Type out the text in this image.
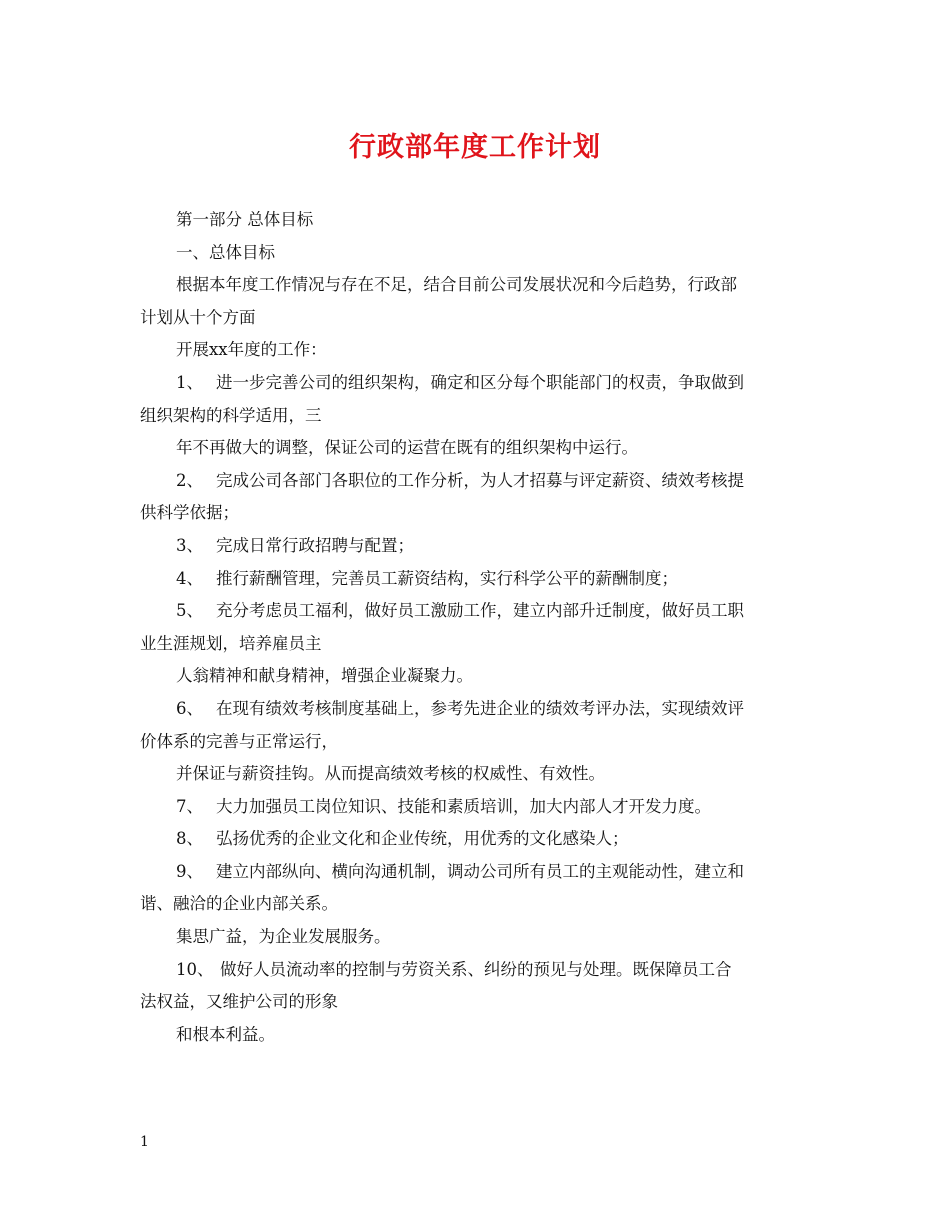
行政部年度工作计划
第一部分 总体目标
一、总体目标
根据本年度工作情况与存在不足，结合目前公司发展状况和今后趋势，行政部
计划从十个方面
开展xx年度的工作：
1、 进一步完善公司的组织架构，确定和区分每个职能部门的权责，争取做到
组织架构的科学适用，三
年不再做大的调整，保证公司的运营在既有的组织架构中运行。
2、 完成公司各部门各职位的工作分析，为人才招募与评定薪资、绩效考核提
供科学依据；
3、 完成日常行政招聘与配置；
4、 推行薪酬管理，完善员工薪资结构，实行科学公平的薪酬制度；
5、 充分考虑员工福利，做好员工激励工作，建立内部升迁制度，做好员工职
业生涯规划，培养雇员主
人翁精神和献身精神，增强企业凝聚力。
6、 在现有绩效考核制度基础上，参考先进企业的绩效考评办法，实现绩效评
价体系的完善与正常运行，
并保证与薪资挂钩。从而提高绩效考核的权威性、有效性。
7、 大力加强员工岗位知识、技能和素质培训，加大内部人才开发力度。
8、 弘扬优秀的企业文化和企业传统，用优秀的文化感染人；
9、 建立内部纵向、横向沟通机制，调动公司所有员工的主观能动性，建立和
谐、融洽的企业内部关系。
集思广益，为企业发展服务。
10、 做好人员流动率的控制与劳资关系、纠纷的预见与处理。既保障员工合
法权益，又维护公司的形象
和根本利益。
1
